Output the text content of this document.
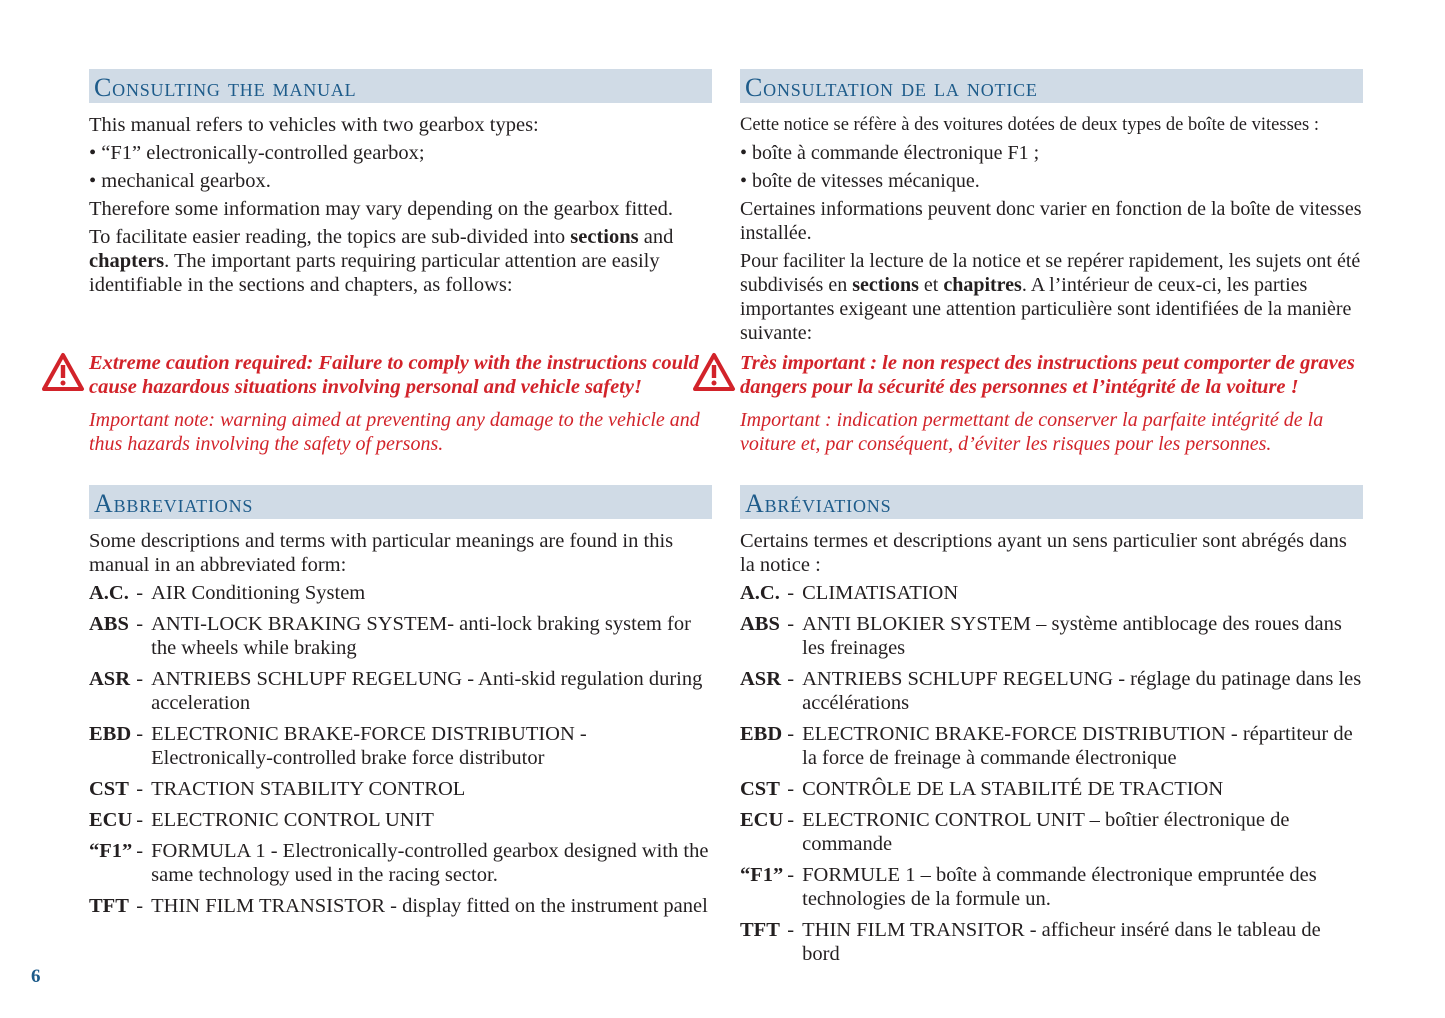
Consulting the manual
This manual refers to vehicles with two gearbox types:
• “F1” electronically-controlled gearbox;
• mechanical gearbox.
Therefore some information may vary depending on the gearbox fitted.
To facilitate easier reading, the topics are sub-divided into sections and chapters. The important parts requiring particular attention are easily identifiable in the sections and chapters, as follows:
Extreme caution required: Failure to comply with the instructions could cause hazardous situations involving personal and vehicle safety!
Important note: warning aimed at preventing any damage to the vehicle and thus hazards involving the safety of persons.
Abbreviations
Some descriptions and terms with particular meanings are found in this manual in an abbreviated form:
A.C.	-	AIR Conditioning System
ABS	-	ANTI-LOCK BRAKING SYSTEM- anti-lock braking system for the wheels while braking
ASR	-	ANTRIEBS SCHLUPF REGELUNG - Anti-skid regulation during acceleration
EBD	-	ELECTRONIC BRAKE-FORCE DISTRIBUTION - Electronically-controlled brake force distributor
CST	-	TRACTION STABILITY CONTROL
ECU	-	ELECTRONIC CONTROL UNIT
“F1”	-	FORMULA 1 - Electronically-controlled gearbox designed with the same technology used in the racing sector.
TFT	-	THIN FILM TRANSISTOR - display fitted on the instrument panel
Consultation de la notice
Cette notice se réfère à des voitures dotées de deux types de boîte de vitesses :
• boîte à commande électronique F1 ;
• boîte de vitesses mécanique.
Certaines informations peuvent donc varier en fonction de la boîte de vitesses installée.
Pour faciliter la lecture de la notice et se repérer rapidement, les sujets ont été subdivisés en sections et chapitres. A l’intérieur de ceux-ci, les parties importantes exigeant une attention particulière sont identifiées de la manière suivante:
Très important : le non respect des instructions peut comporter de graves dangers pour la sécurité des personnes et l’intégrité de la voiture !
Important : indication permettant de conserver la parfaite intégrité de la voiture et, par conséquent, d’éviter les risques pour les personnes.
Abréviations
Certains termes et descriptions ayant un sens particulier sont abrégés dans la notice :
A.C.	-	CLIMATISATION
ABS	-	ANTI BLOKIER SYSTEM – système antiblocage des roues dans les freinages
ASR	-	ANTRIEBS SCHLUPF REGELUNG - réglage du patinage dans les accélérations
EBD	-	ELECTRONIC BRAKE-FORCE DISTRIBUTION - répartiteur de la force de freinage à commande électronique
CST	-	CONTRÔLE DE LA STABILITÉ DE TRACTION
ECU	-	ELECTRONIC CONTROL UNIT – boîtier électronique de commande
“F1”	-	FORMULE 1 – boîte à commande électronique empruntée des technologies de la formule un.
TFT	-	THIN FILM TRANSITOR - afficheur inséré dans le tableau de bord
6
